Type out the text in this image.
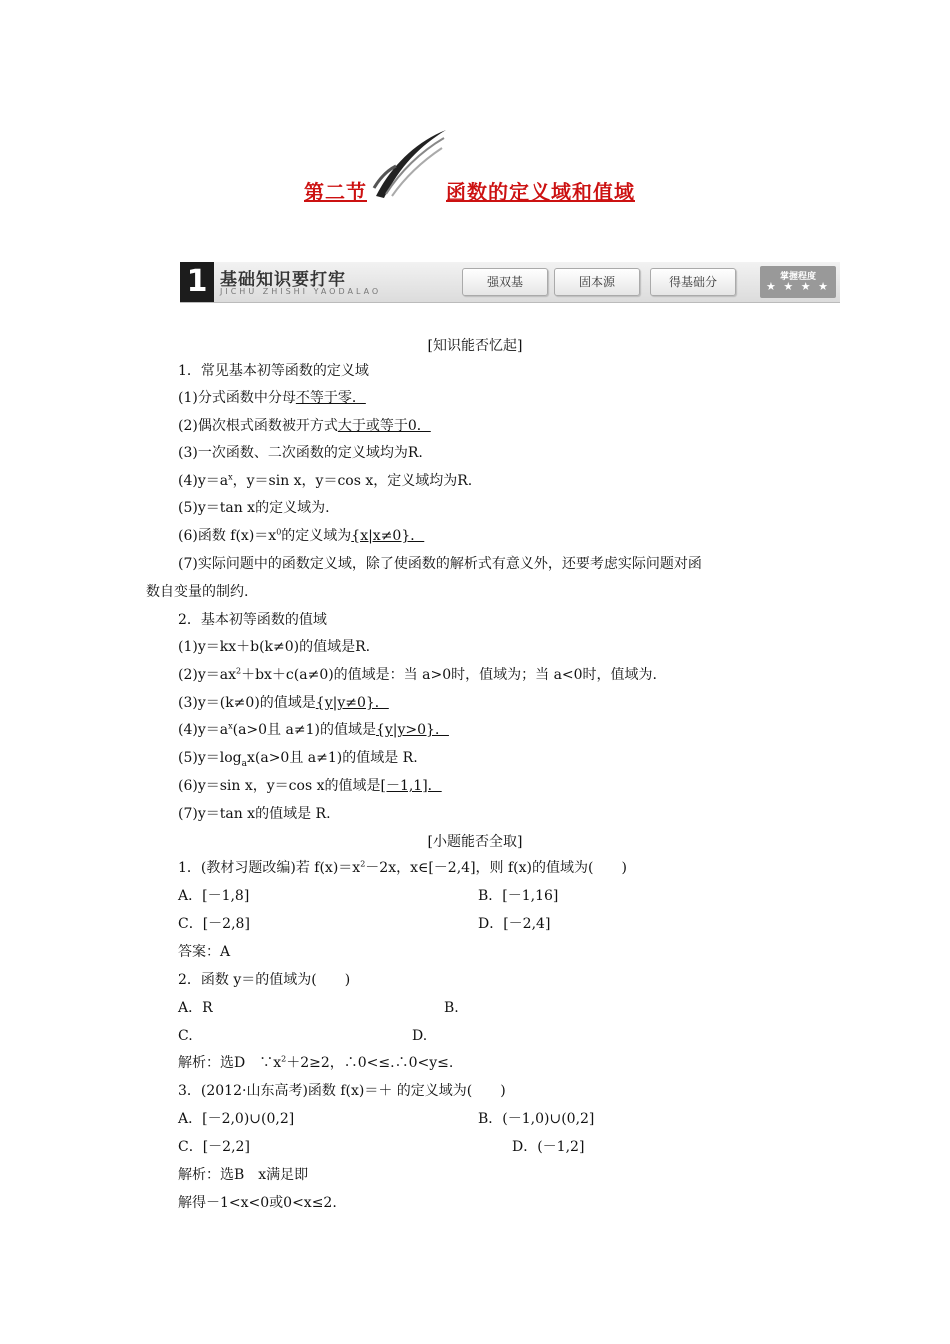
第二节	函数的定义域和值域
1 基础知识要打牢
JICHU ZHISHI YAODALAO
强双基	固本源	得基础分	掌握程度
★ ★ ★ ★
[知识能否忆起]
1．常见基本初等函数的定义域
(1)分式函数中分母不等于零．
(2)偶次根式函数被开方式大于或等于0．
(3)一次函数、二次函数的定义域均为R.
$(4)y=a^x$，y＝sin x，y＝cos x，定义域均为R.
(5)y＝tan x的定义域为.
(6)函数 $f(x)=x^0$的定义域为{x|x≠0}．
(7)实际问题中的函数定义域，除了使函数的解析式有意义外，还要考虑实际问题对函
数自变量的制约.
2．基本初等函数的值域
(1)y＝kx＋b(k≠0)的值域是R.
$(2)y=ax^2+bx+c(a\ne 0)$的值域是：当 a>0时，值域为；当 a<0时，值域为.
(3)y＝(k≠0)的值域是{y|y≠0}．
$(4)y=a^x(a>0$且 a≠1)的值域是{y|y>0}．
$(5)y=\log_ax(a>0$且 a≠1)的值域是 R.
(6)y＝sin x，y＝cos x的值域是[－1,1]．
(7)y＝tan x的值域是 R.
[小题能否全取]
1．(教材习题改编)若 $f(x)=x^2-2x$，x∈[－2,4]，则 f(x)的值域为(　　)
A．[－1,8]	B．[－1,16]
C．[－2,8]	D．[－2,4]
答案：A
2．函数 y＝的值域为(　　)
A．R	B.
C.	D.
解析：选D　$\because x^2+2\ge 2$，∴0<≤.∴0<y≤.
3．(2012·山东高考)函数 f(x)＝＋ 的定义域为(　　)
A．[－2,0)∪(0,2]	B．(－1,0)∪(0,2]
C．[－2,2]	D．(－1,2]
解析：选B　x满足即
解得－1<x<0或0<x≤2.
